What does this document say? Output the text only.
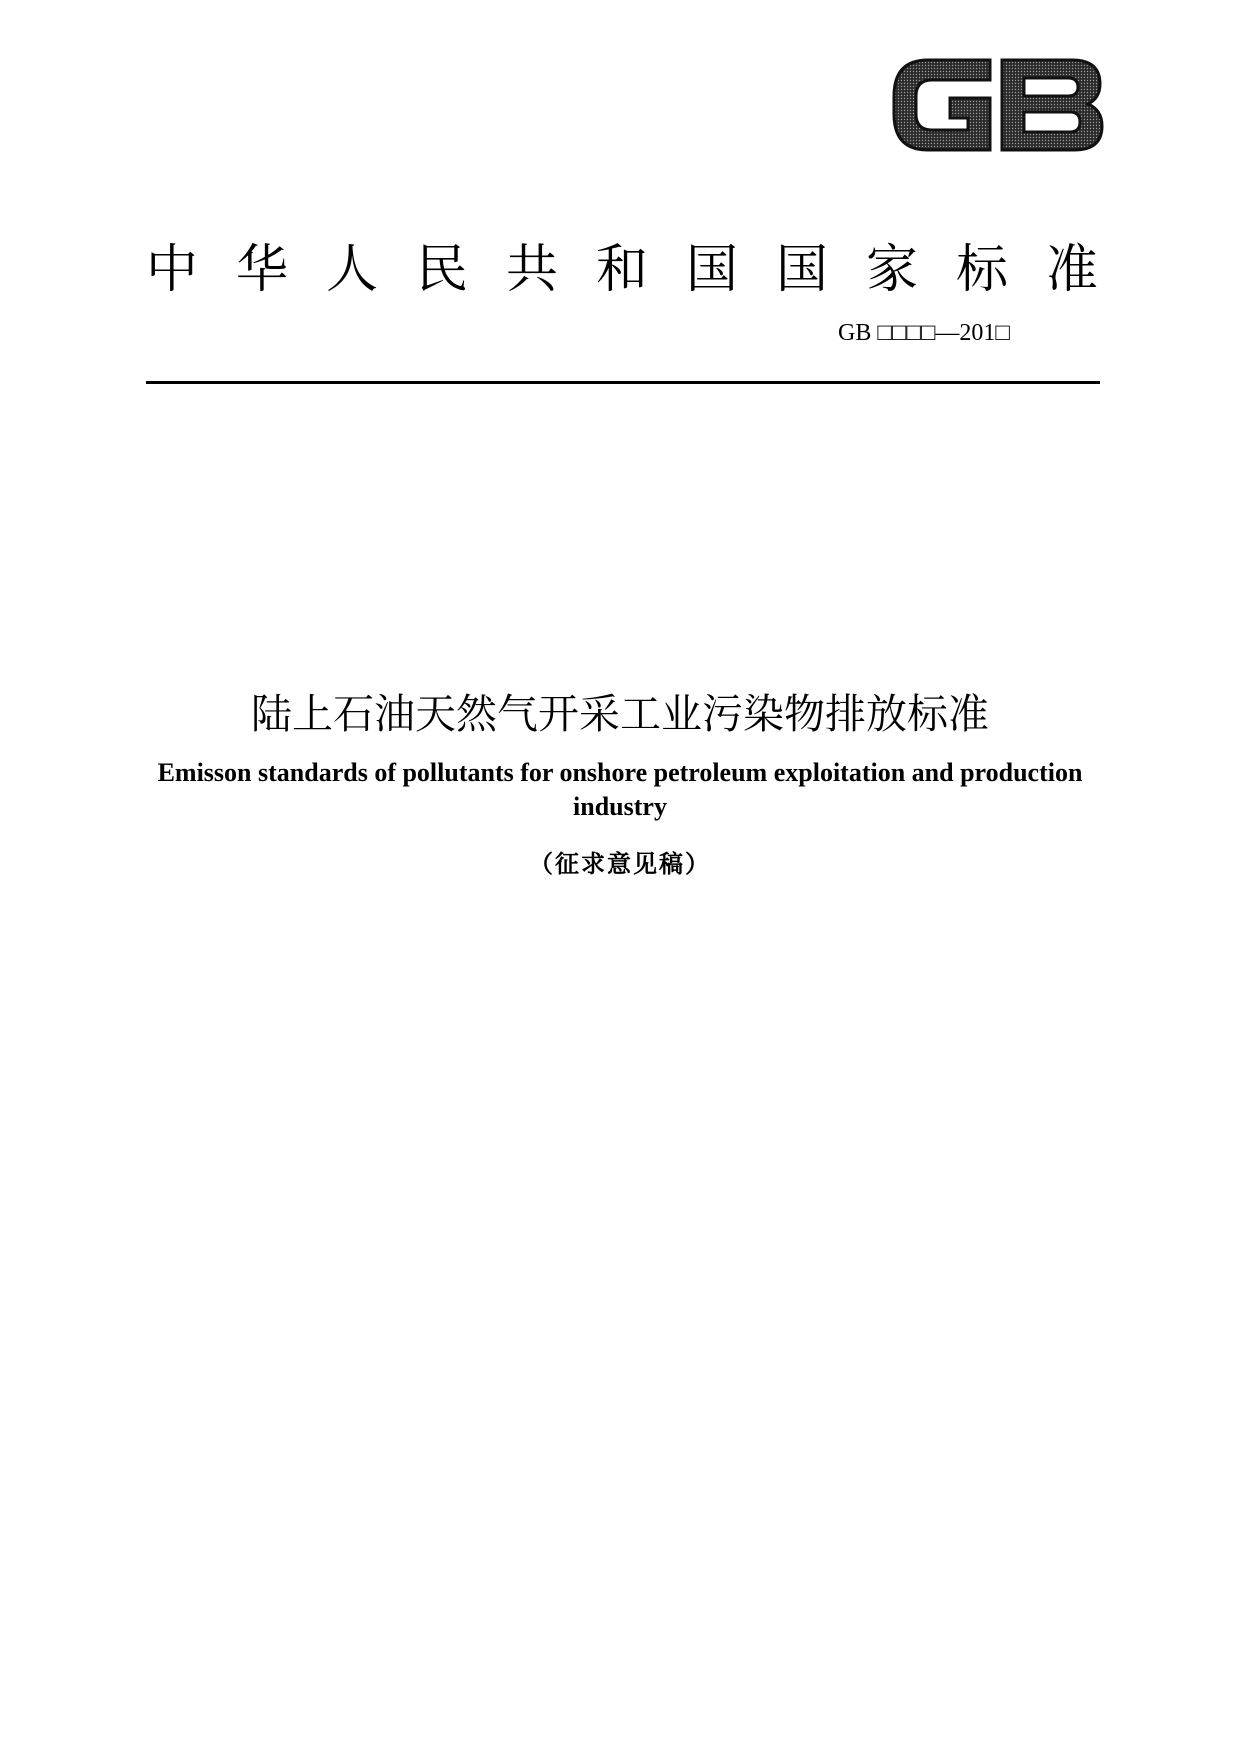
中华人民共和国国家标准

GB □□□□—201□

陆上石油天然气开采工业污染物排放标准
Emisson standards of pollutants for onshore petroleum exploitation and production industry

（征求意见稿）
